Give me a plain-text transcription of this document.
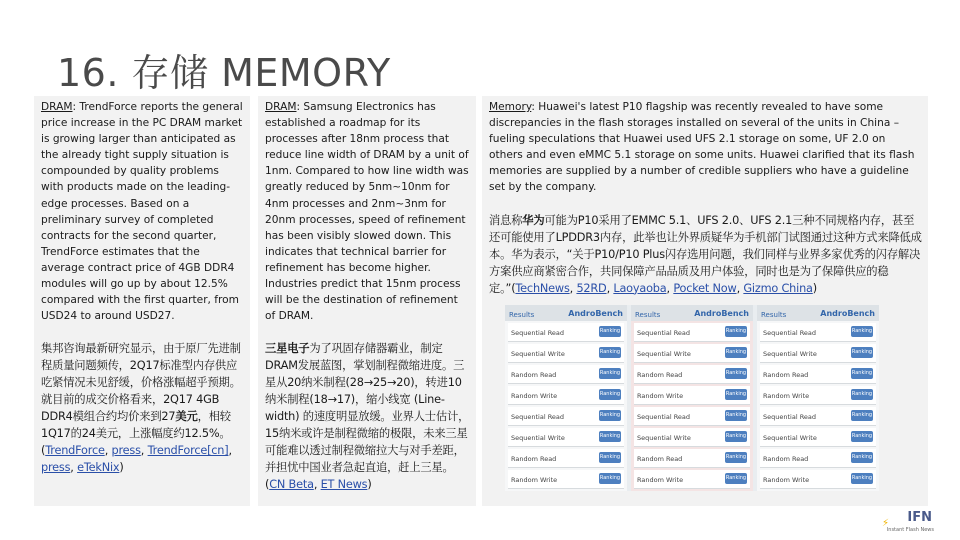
16. 存储 MEMORY

DRAM: TrendForce reports the general price increase in the PC DRAM market is growing larger than anticipated as the already tight supply situation is compounded by quality problems with products made on the leading-edge processes. Based on a preliminary survey of completed contracts for the second quarter, TrendForce estimates that the average contract price of 4GB DDR4 modules will go up by about 12.5% compared with the first quarter, from USD24 to around USD27.

集邦咨询最新研究显示，由于原厂先进制程质量问题频传，2Q17标准型内存供应吃紧情况未见舒缓，价格涨幅超乎预期。就目前的成交价格看来，2Q17 4GB DDR4模组合约均价来到27美元，相较1Q17的24美元，上涨幅度约12.5%。(TrendForce, press, TrendForce[cn], press, eTekNix)

DRAM: Samsung Electronics has established a roadmap for its processes after 18nm process that reduce line width of DRAM by a unit of 1nm. Compared to how line width was greatly reduced by 5nm~10nm for 4nm processes and 2nm~3nm for 20nm processes, speed of refinement has been visibly slowed down. This indicates that technical barrier for refinement has become higher. Industries predict that 15nm process will be the destination of refinement of DRAM.

三星电子为了巩固存储器霸业，制定DRAM发展蓝图，掌划制程微缩进度。三星从20纳米制程(28→25→20)，转进10纳米制程(18→17)，缩小线宽 (Line-width) 的速度明显放缓。业界人士估计，15纳米或许是制程微缩的极限，未来三星可能难以透过制程微缩拉大与对手差距，并担忧中国业者急起直追，赶上三星。(CN Beta, ET News)

Memory: Huawei's latest P10 flagship was recently revealed to have some discrepancies in the flash storages installed on several of the units in China – fueling speculations that Huawei used UFS 2.1 storage on some, UF 2.0 on others and even eMMC 5.1 storage on some units. Huawei clarified that its flash memories are supplied by a number of credible suppliers who have a guideline set by the company.

消息称华为可能为P10采用了EMMC 5.1、UFS 2.0、UFS 2.1三种不同规格内存，甚至还可能使用了LPDDR3内存，此举也让外界质疑华为手机部门试图通过这种方式来降低成本。华为表示，“关于P10/P10 Plus闪存选用问题，我们同样与业界多家优秀的闪存解决方案供应商紧密合作，共同保障产品品质及用户体验，同时也是为了保障供应的稳定。”(TechNews, 52RD, Laoyaoba, Pocket Now, Gizmo China)

Results	AndroBench
Sequential Read	Ranking
Sequential Write	Ranking
Random Read	Ranking
Random Write	Ranking
Sequential Read	Ranking
Sequential Write	Ranking
Random Read	Ranking
Random Write	Ranking
Results	AndroBench
Sequential Read	Ranking
Sequential Write	Ranking
Random Read	Ranking
Random Write	Ranking
Sequential Read	Ranking
Sequential Write	Ranking
Random Read	Ranking
Random Write	Ranking
Results	AndroBench
Sequential Read	Ranking
Sequential Write	Ranking
Random Read	Ranking
Random Write	Ranking
Sequential Read	Ranking
Sequential Write	Ranking
Random Read	Ranking
Random Write	Ranking
⚡ IFN
Instant Flash News
